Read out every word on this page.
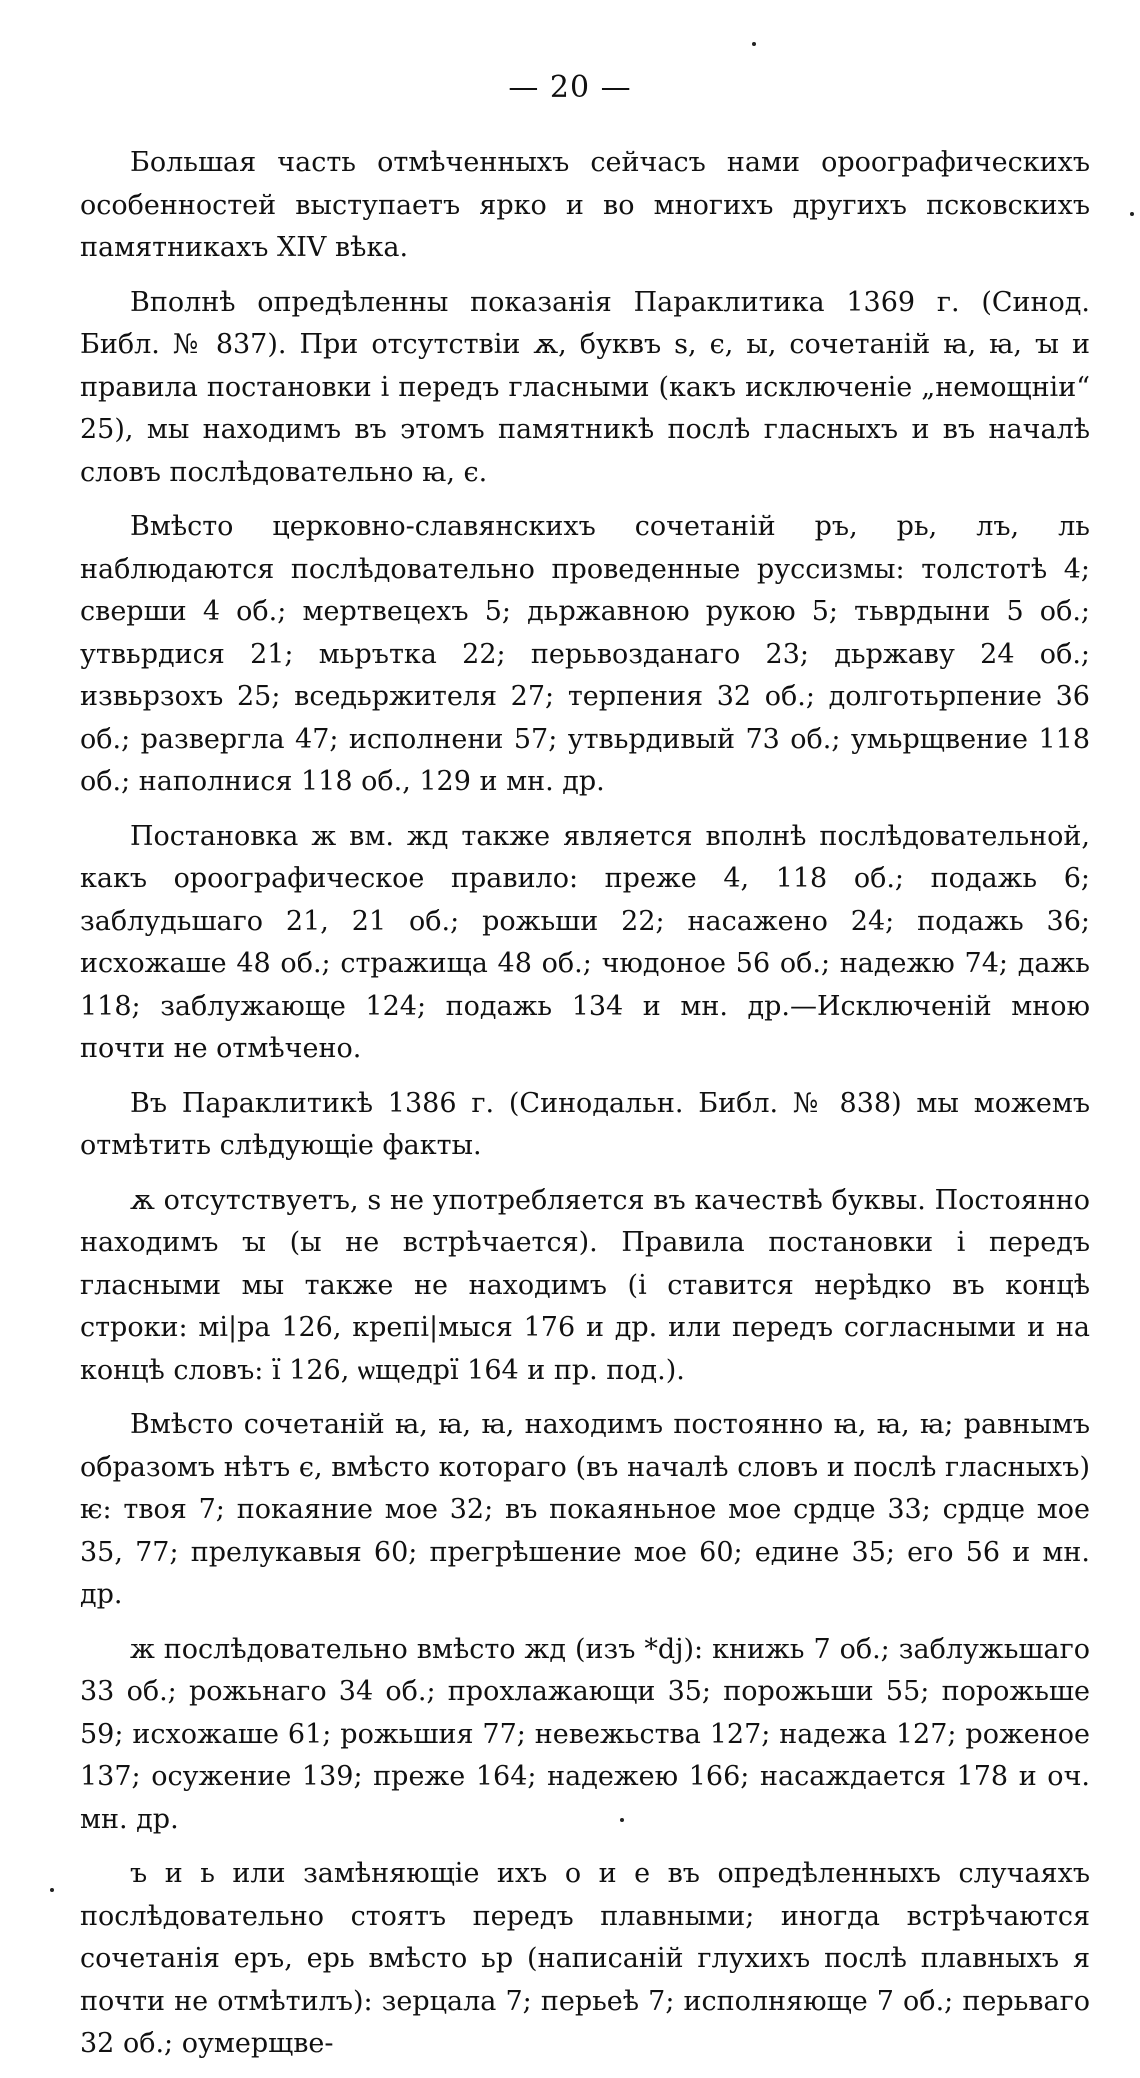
— 20 —

Большая часть отмѣченныхъ сейчасъ нами ороографическихъ особенностей выступаетъ ярко и во многихъ другихъ псковскихъ памятникахъ XIV вѣка.

Вполнѣ опредѣленны показанія Параклитика 1369 г. (Синод. Библ. № 837). При отсутствіи ѫ, буквъ ѕ, є, ы, сочетаній ꙗ, ꙗ, ꙑ и правила постановки і передъ гласными (какъ исключеніе „немощнiи“ 25), мы находимъ въ этомъ памятникѣ послѣ гласныхъ и въ началѣ словъ послѣдовательно ꙗ, є.

Вмѣсто церковно-славянскихъ сочетаній ръ, рь, лъ, ль наблюдаются послѣдовательно проведенные руссизмы: толстотѣ 4; сверши 4 об.; мертвецехъ 5; дьржавною рукою 5; тьврдыни 5 об.; утвьрдися 21; мьрътка 22; перьвозданаго 23; дьржаву 24 об.; извьрзохъ 25; вседьржителя 27; терпения 32 об.; долготьрпение 36 об.; развергла 47; исполнени 57; утвьрдивый 73 об.; умьрщвение 118 об.; наполнися 118 об., 129 и мн. др.

Постановка ж вм. жд также является вполнѣ послѣдовательной, какъ ороографическое правило: преже 4, 118 об.; подажь 6; заблудьшаго 21, 21 об.; рожьши 22; насажено 24; подажь 36; исхожаше 48 об.; стражища 48 об.; чюдоное 56 об.; надежю 74; дажь 118; заблужающе 124; подажь 134 и мн. др.—Исключеній мною почти не отмѣчено.

Въ Параклитикѣ 1386 г. (Синодальн. Библ. № 838) мы можемъ отмѣтить слѣдующіе факты.

ѫ отсутствуетъ, ѕ не употребляется въ качествѣ буквы. Постоянно находимъ ꙑ (ы не встрѣчается). Правила постановки і передъ гласными мы также не находимъ (і ставится нерѣдко въ концѣ строки: мі|ра 126, крепі|мыся 176 и др. или передъ согласными и на концѣ словъ: ї 126, ѡщедрї 164 и пр. под.).

Вмѣсто сочетаній ꙗ, ꙗ, ꙗ, находимъ постоянно ꙗ, ꙗ, ꙗ; равнымъ образомъ нѣтъ є, вмѣсто котораго (въ началѣ словъ и послѣ гласныхъ) ѥ: твоя 7; покаяние мое 32; въ покаяньное мое срдце 33; срдце мое 35, 77; прелукавыя 60; прегрѣшение мое 60; едине 35; его 56 и мн. др.

ж послѣдовательно вмѣсто жд (изъ *dj): книжь 7 об.; заблужьшаго 33 об.; рожьнаго 34 об.; прохлажающи 35; порожьши 55; порожьше 59; исхожаше 61; рожьшия 77; невежьства 127; надежа 127; роженое 137; осужение 139; преже 164; надежею 166; насаждается 178 и оч. мн. др.

ъ и ь или замѣняющіе ихъ о и е въ опредѣленныхъ случаяхъ послѣдовательно стоятъ передъ плавными; иногда встрѣчаются сочетанія еръ, ерь вмѣсто ьр (написаній глухихъ послѣ плавныхъ я почти не отмѣтилъ): зерцала 7; перьеѣ 7; исполняюще 7 об.; перьваго 32 об.; оумерщве-
